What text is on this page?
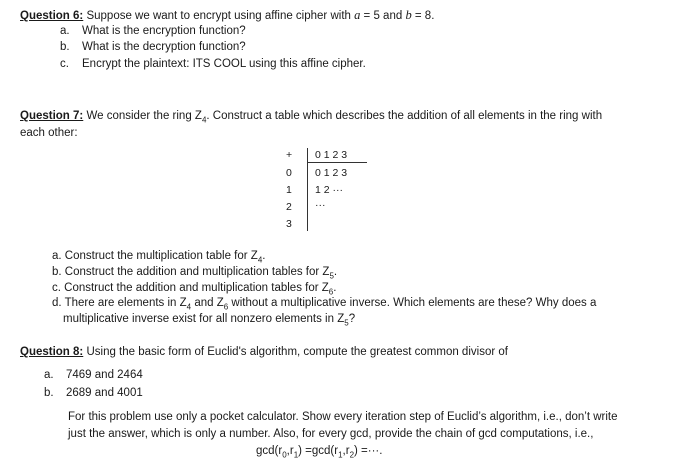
Question 6: Suppose we want to encrypt using affine cipher with a = 5 and b = 8.
a. What is the encryption function?
b. What is the decryption function?
c. Encrypt the plaintext: ITS COOL using this affine cipher.
Question 7: We consider the ring $Z_4$. Construct a table which describes the addition of all elements in the ring with
each other:
+ 0 1 2 3
0
1
2
3
0 1 2 3
1 2 ···
···
a. Construct the multiplication table for $Z_4$.
b. Construct the addition and multiplication tables for $Z_5$.
c. Construct the addition and multiplication tables for $Z_6$.
d. There are elements in $Z_4$ and $Z_6$ without a multiplicative inverse. Which elements are these? Why does a
multiplicative inverse exist for all nonzero elements in $Z_5$?
Question 8: Using the basic form of Euclid's algorithm, compute the greatest common divisor of
a. 7469 and 2464
b. 2689 and 4001
For this problem use only a pocket calculator. Show every iteration step of Euclid’s algorithm, i.e., don’t write
just the answer, which is only a number. Also, for every gcd, provide the chain of gcd computations, i.e.,
$\gcd(r_0,r_1) =\gcd(r_1,r_2)$ =···.
